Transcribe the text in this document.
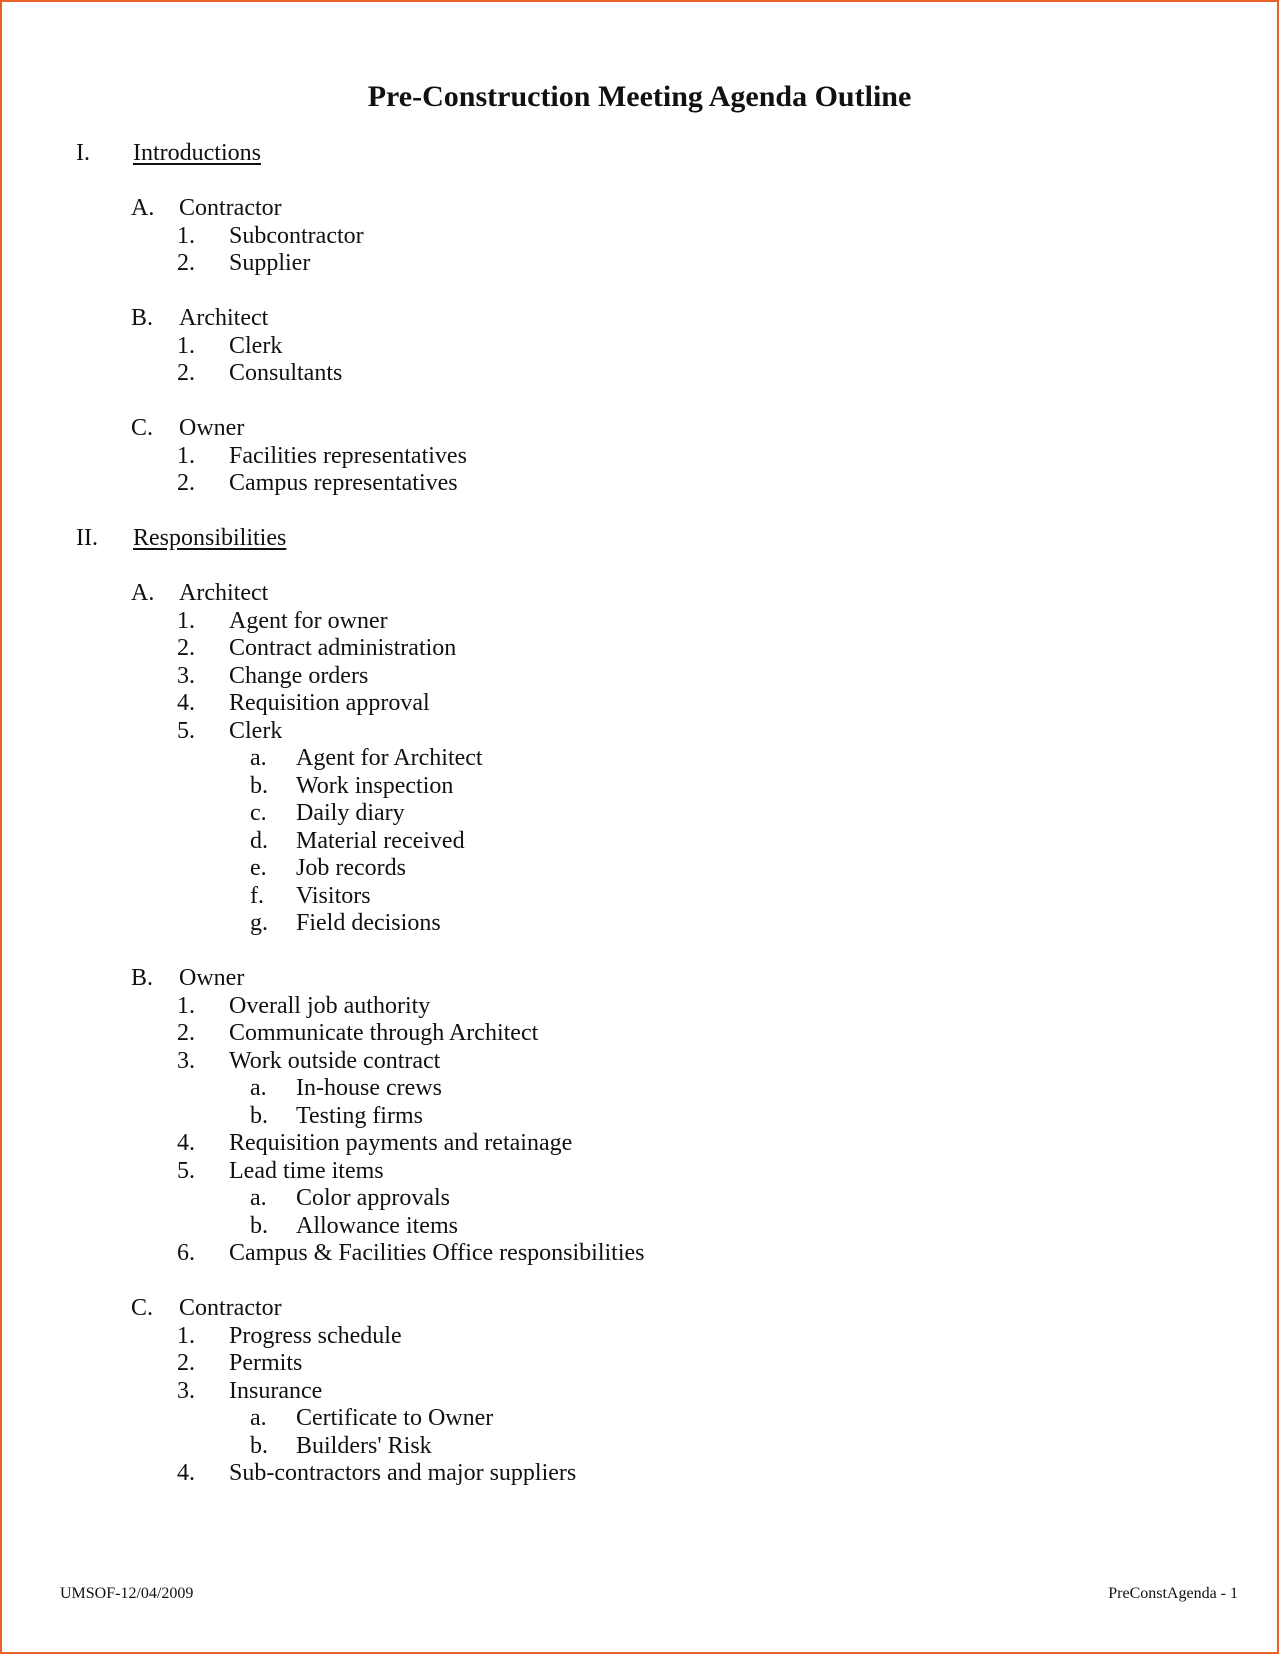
Pre-Construction Meeting Agenda Outline
I. Introductions
A. Contractor
1. Subcontractor
2. Supplier
B. Architect
1. Clerk
2. Consultants
C. Owner
1. Facilities representatives
2. Campus representatives
II. Responsibilities
A. Architect
1. Agent for owner
2. Contract administration
3. Change orders
4. Requisition approval
5. Clerk
a. Agent for Architect
b. Work inspection
c. Daily diary
d. Material received
e. Job records
f. Visitors
g. Field decisions
B. Owner
1. Overall job authority
2. Communicate through Architect
3. Work outside contract
a. In-house crews
b. Testing firms
4. Requisition payments and retainage
5. Lead time items
a. Color approvals
b. Allowance items
6. Campus & Facilities Office responsibilities
C. Contractor
1. Progress schedule
2. Permits
3. Insurance
a. Certificate to Owner
b. Builders' Risk
4. Sub-contractors and major suppliers
UMSOF-12/04/2009	PreConstAgenda - 1
